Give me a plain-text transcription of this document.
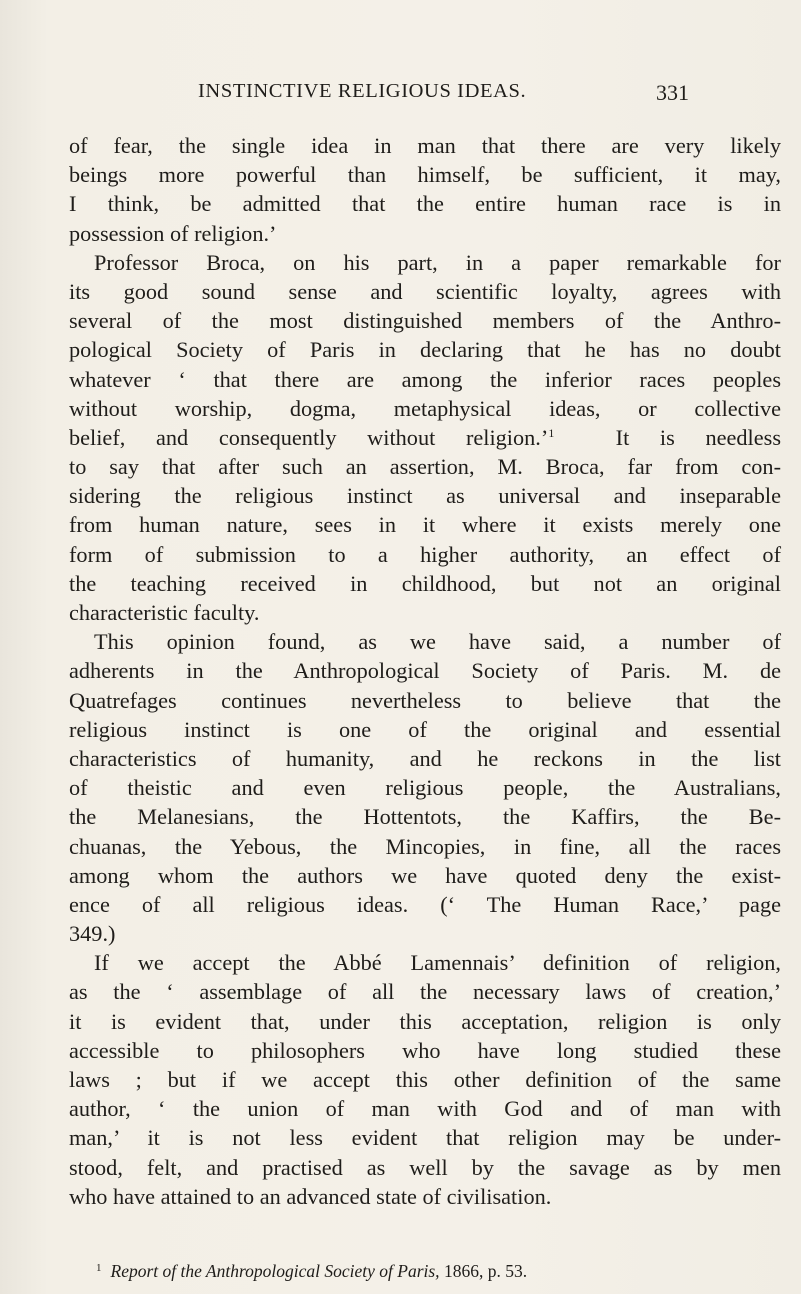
INSTINCTIVE RELIGIOUS IDEAS.	331
of fear, the single idea in man that there are very likely
beings more powerful than himself, be sufficient, it may,
I think, be admitted that the entire human race is in
possession of religion.’
Professor Broca, on his part, in a paper remarkable for
its good sound sense and scientific loyalty, agrees with
several of the most distinguished members of the Anthro-
pological Society of Paris in declaring that he has no doubt
whatever ‘ that there are among the inferior races peoples
without worship, dogma, metaphysical ideas, or collective
belief, and consequently without religion.’$^1$	It is needless
to say that after such an assertion, M. Broca, far from con-
sidering the religious instinct as universal and inseparable
from human nature, sees in it where it exists merely one
form of submission to a higher authority, an effect of
the teaching received in childhood, but not an original
characteristic faculty.
This opinion found, as we have said, a number of
adherents in the Anthropological Society of Paris. M. de
Quatrefages continues nevertheless to believe that the
religious instinct is one of the original and essential
characteristics of humanity, and he reckons in the list
of theistic and even religious people, the Australians,
the Melanesians, the Hottentots, the Kaffirs, the Be-
chuanas, the Yebous, the Mincopies, in fine, all the races
among whom the authors we have quoted deny the exist-
ence of all religious ideas. (‘ The Human Race,’ page
349.)
If we accept the Abbé Lamennais’ definition of religion,
as the ‘ assemblage of all the necessary laws of creation,’
it is evident that, under this acceptation, religion is only
accessible to philosophers who have long studied these
laws ; but if we accept this other definition of the same
author, ‘ the union of man with God and of man with
man,’ it is not less evident that religion may be under-
stood, felt, and practised as well by the savage as by men
who have attained to an advanced state of civilisation.
$^1$ Report of the Anthropological Society of Paris, 1866, p. 53.
